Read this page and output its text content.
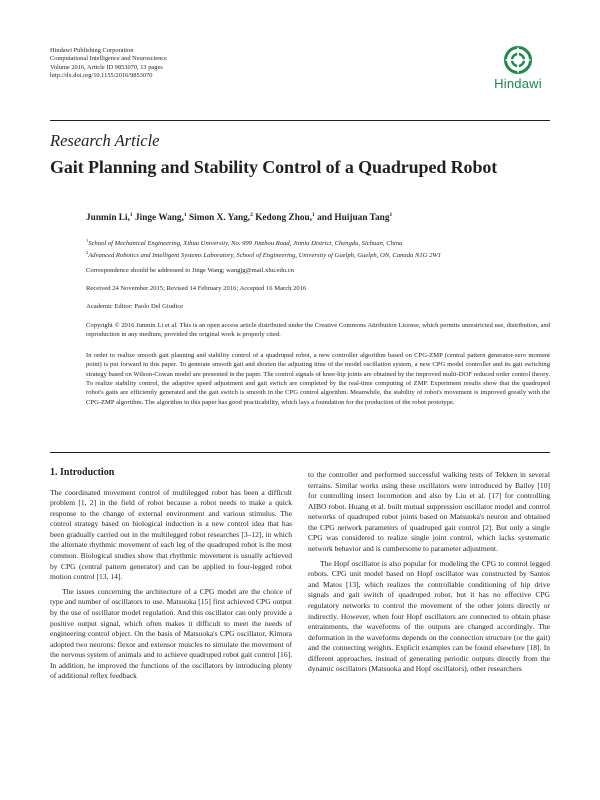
Hindawi Publishing Corporation
Computational Intelligence and Neuroscience
Volume 2016, Article ID 9853070, 13 pages
http://dx.doi.org/10.1155/2016/9853070
Hindawi
Research Article
Gait Planning and Stability Control of a Quadruped Robot
Junmin Li,$^1$ Jinge Wang,$^1$ Simon X. Yang,$^2$ Kedong Zhou,$^1$ and Huijuan Tang$^1$
$^1$School of Mechanical Engineering, Xihua University, No. 999 Jinzhou Road, Jinniu District, Chengdu, Sichuan, China
$^2$Advanced Robotics and Intelligent Systems Laboratory, School of Engineering, University of Guelph, Guelph, ON, Canada N1G 2W1
Correspondence should be addressed to Jinge Wang; wangjg@mail.xhu.edu.cn
Received 24 November 2015; Revised 14 February 2016; Accepted 16 March 2016
Academic Editor: Paolo Del Giudice
Copyright © 2016 Junmin Li et al. This is an open access article distributed under the Creative Commons Attribution License, which permits unrestricted use, distribution, and reproduction in any medium, provided the original work is properly cited.
In order to realize smooth gait planning and stability control of a quadruped robot, a new controller algorithm based on CPG-ZMP (central pattern generator-zero moment point) is put forward in this paper. To generate smooth gait and shorten the adjusting time of the model oscillation system, a new CPG model controller and its gait switching strategy based on Wilson-Cowan model are presented in the paper. The control signals of knee-hip joints are obtained by the improved multi-DOF reduced order control theory. To realize stability control, the adaptive speed adjustment and gait switch are completed by the real-time computing of ZMP. Experiment results show that the quadruped robot's gaits are efficiently generated and the gait switch is smooth in the CPG control algorithm. Meanwhile, the stability of robot's movement is improved greatly with the CPG-ZMP algorithm. The algorithm in this paper has good practicability, which lays a foundation for the production of the robot prototype.
1. Introduction

The coordinated movement control of multilegged robot has been a difficult problem [1, 2] in the field of robot because a robot needs to make a quick response to the change of external environment and various stimulus. The control strategy based on biological induction is a new control idea that has been gradually carried out in the multilegged robot researches [3–12], in which the alternate rhythmic movement of each leg of the quadruped robot is the most common. Biological studies show that rhythmic movement is usually achieved by CPG (central pattern generator) and can be applied to four-legged robot motion control [13, 14].

The issues concerning the architecture of a CPG model are the choice of type and number of oscillators to use. Matsuoka [15] first achieved CPG output by the use of oscillator model regulation. And this oscillator can only provide a positive output signal, which often makes it difficult to meet the needs of engineering control object. On the basis of Matsuoka's CPG oscillator, Kimura adopted two neurons: flexor and extensor muscles to simulate the movement of the nervous system of animals and to achieve quadruped robot gait control [16]. In addition, he improved the functions of the oscillators by introducing plenty of additional reflex feedback

to the controller and performed successful walking tests of Tekken in several terrains. Similar works using these oscillators were introduced by Bailey [10] for controlling insect locomotion and also by Liu et al. [17] for controlling AIBO robot. Huang et al. built mutual suppression oscillator model and control networks of quadruped robot joints based on Matsuoka's neuron and obtained the CPG network parameters of quadruped gait control [2]. But only a single CPG was considered to realize single joint control, which lacks systematic network behavior and is cumbersome to parameter adjustment.

The Hopf oscillator is also popular for modeling the CPG to control legged robots. CPG unit model based on Hopf oscillator was constructed by Santos and Matos [13], which realizes the controllable conditioning of hip drive signals and gait switch of quadruped robot, but it has no effective CPG regulatory networks to control the movement of the other joints directly or indirectly. However, when four Hopf oscillators are connected to obtain phase entrainments, the waveforms of the outputs are changed accordingly. The deformation in the waveforms depends on the connection structure (or the gait) and the connecting weights. Explicit examples can be found elsewhere [18]. In different approaches, instead of generating periodic outputs directly from the dynamic oscillators (Matsuoka and Hopf oscillators), other researchers
